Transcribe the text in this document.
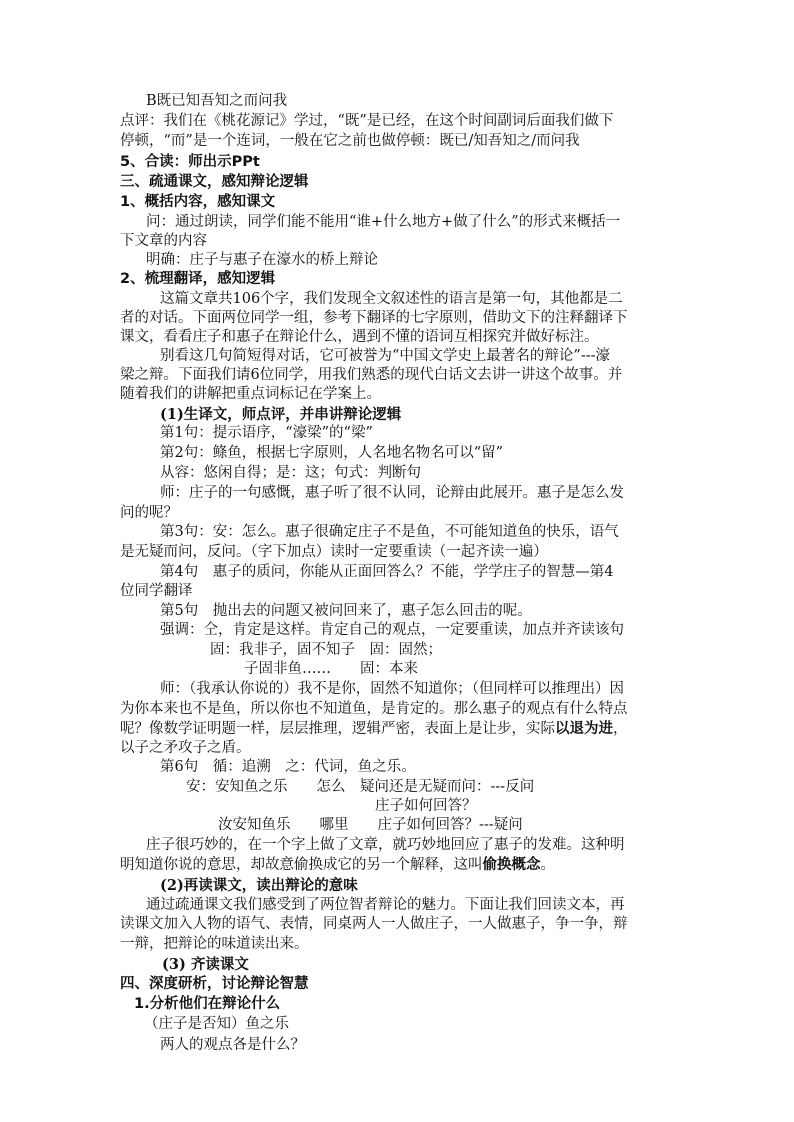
B既已知吾知之而问我
点评：我们在《桃花源记》学过，“既”是已经，在这个时间副词后面我们做下
停顿，“而”是一个连词，一般在它之前也做停顿：既已/知吾知之/而问我
5、合读：师出示PPt
三、疏通课文，感知辩论逻辑
1、概括内容，感知课文
问：通过朗读，同学们能不能用“谁+什么地方+做了什么”的形式来概括一
下文章的内容
明确：庄子与惠子在濠水的桥上辩论
2、梳理翻译，感知逻辑
这篇文章共106个字，我们发现全文叙述性的语言是第一句，其他都是二
者的对话。下面两位同学一组，参考下翻译的七字原则，借助文下的注释翻译下
课文，看看庄子和惠子在辩论什么，遇到不懂的语词互相探究并做好标注。
别看这几句简短得对话，它可被誉为“中国文学史上最著名的辩论”---濠
梁之辩。下面我们请6位同学，用我们熟悉的现代白话文去讲一讲这个故事。并
随着我们的讲解把重点词标记在学案上。
(1)生译文，师点评，并串讲辩论逻辑
第1句：提示语序，“濠梁”的“梁”
第2句：鲦鱼，根据七字原则，人名地名物名可以“留”
从容：悠闲自得；是：这；句式：判断句
师：庄子的一句感慨，惠子听了很不认同，论辩由此展开。惠子是怎么发
问的呢？
第3句：安：怎么。惠子很确定庄子不是鱼，不可能知道鱼的快乐，语气
是无疑而问，反问。（字下加点）读时一定要重读（一起齐读一遍）
第4句　惠子的质问，你能从正面回答么？不能，学学庄子的智慧—第4
位同学翻译
第5句　抛出去的问题又被问回来了，惠子怎么回击的呢。
强调：仝，肯定是这样。肯定自己的观点，一定要重读，加点并齐读该句
固：我非子，固不知子　固：固然；
子固非鱼……　　固：本来
师：（我承认你说的）我不是你，固然不知道你；（但同样可以推理出）因
为你本来也不是鱼，所以你也不知道鱼，是肯定的。那么惠子的观点有什么特点
呢？像数学证明题一样，层层推理，逻辑严密，表面上是让步，实际以退为进，
以子之矛攻子之盾。
第6句　循：追溯　之：代词，鱼之乐。
安：安知鱼之乐　　怎么　疑问还是无疑而问：---反问
庄子如何回答？
汝安知鱼乐　　哪里　　庄子如何回答？---疑问
庄子很巧妙的，在一个字上做了文章，就巧妙地回应了惠子的发难。这种明
明知道你说的意思，却故意偷换成它的另一个解释，这叫偷换概念。
(2)再读课文，读出辩论的意味
通过疏通课文我们感受到了两位智者辩论的魅力。下面让我们回读文本，再
读课文加入人物的语气、表情，同桌两人一人做庄子，一人做惠子，争一争，辩
一辩，把辩论的味道读出来。
(3) 齐读课文
四、深度研析，讨论辩论智慧
1.分析他们在辩论什么
（庄子是否知）鱼之乐
两人的观点各是什么？
